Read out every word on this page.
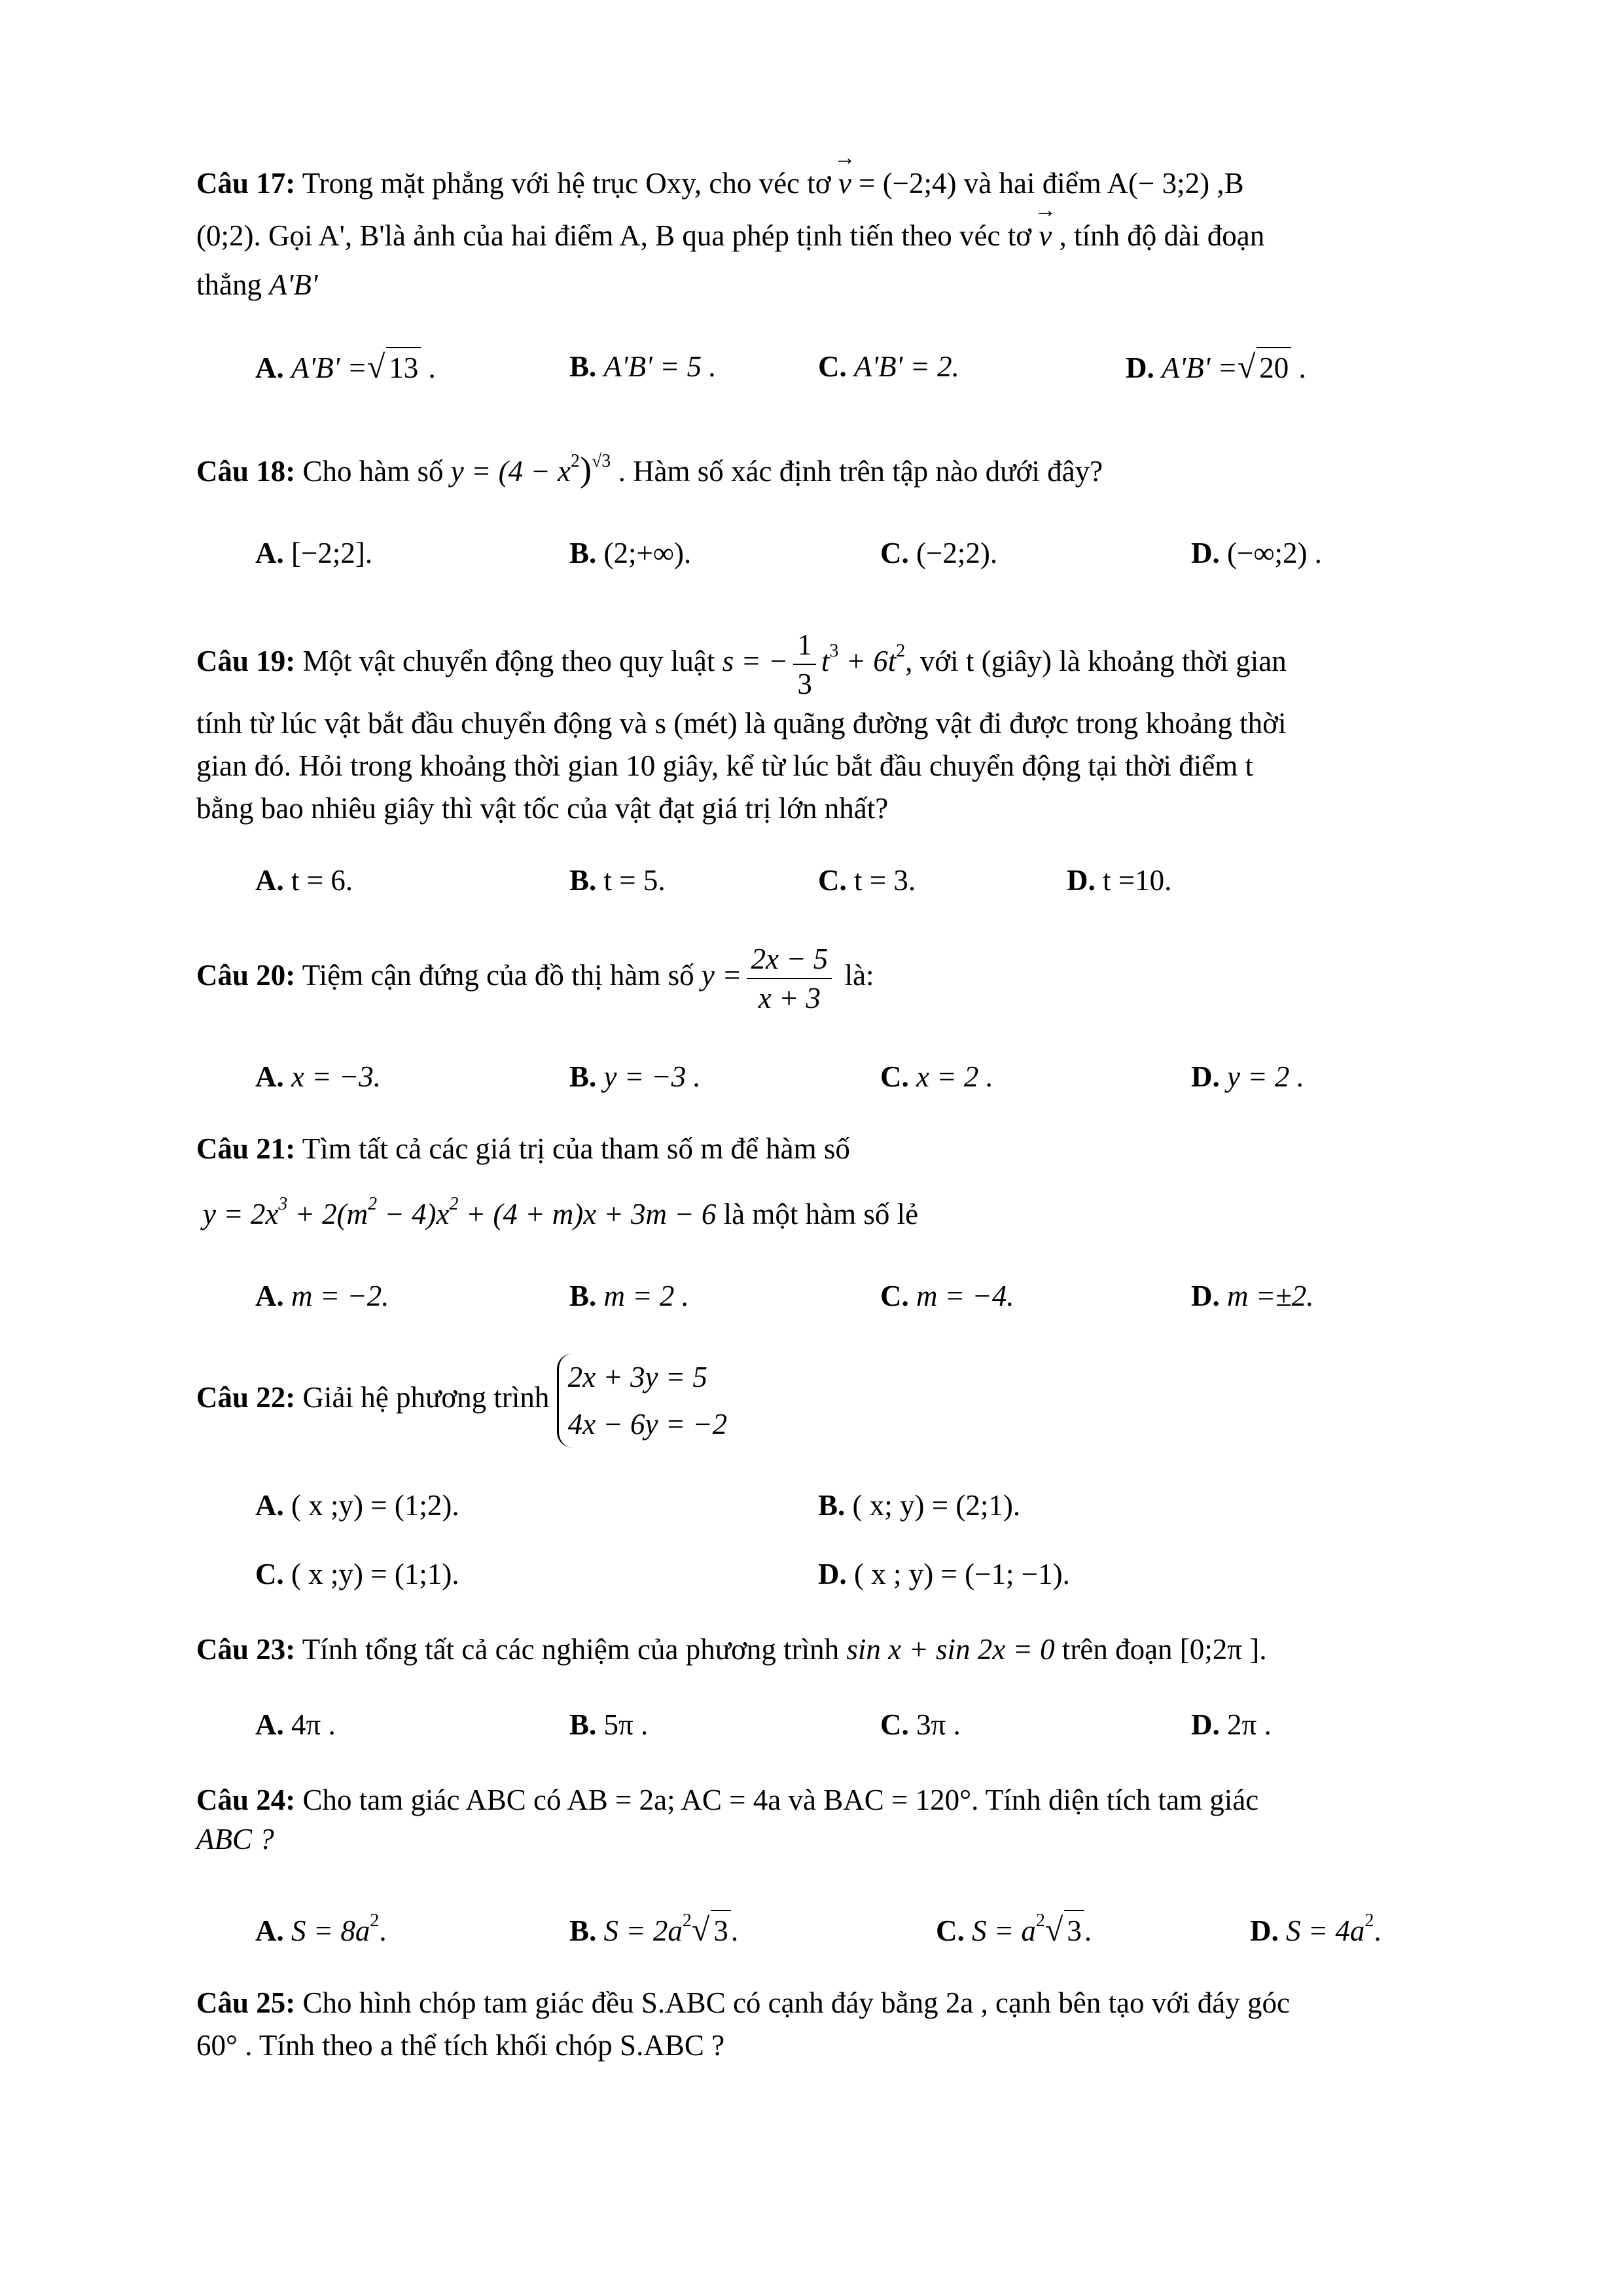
Câu 17: Trong mặt phẳng với hệ trục Oxy, cho véc tơ → v = (−2;4) và hai điểm A(− 3;2) ,B
(0;2). Gọi A', B'là ảnh của hai điểm A, B qua phép tịnh tiến theo véc tơ → v , tính độ dài đoạn
thẳng A'B'
A. A'B' =√ 13 .	B. A'B' = 5 .	C. A'B' = 2.	D. A'B' =√ 20 .
Câu 18: Cho hàm số $y = (4 - x^2)^{√3}$ . Hàm số xác định trên tập nào dưới đây?
A. [−2;2].	B. (2;+∞).	C. (−2;2).	D. (−∞;2) .
Câu 19: Một vật chuyển động theo quy luật s = − $\frac{1}{3} t^3 + 6t^2$, với t (giây) là khoảng thời gian
tính từ lúc vật bắt đầu chuyển động và s (mét) là quãng đường vật đi được trong khoảng thời
gian đó. Hỏi trong khoảng thời gian 10 giây, kể từ lúc bắt đầu chuyển động tại thời điểm t
bằng bao nhiêu giây thì vật tốc của vật đạt giá trị lớn nhất?
A. t = 6.	B. t = 5.	C. t = 3.	D. t =10.
Câu 20: Tiệm cận đứng của đồ thị hàm số $y = \frac{2x - 5}{x + 3}$ là:
A. x = −3.	B. y = −3 .	C. x = 2 .	D. y = 2 .
Câu 21: Tìm tất cả các giá trị của tham số m để hàm số
$y = 2x^3 + 2(m^2 - 4)x^2 + (4 + m)x + 3m - 6$ là một hàm số lẻ
A. m = −2.	B. m = 2 .	C. m = −4.	D. m =±2.
Câu 22: Giải hệ phương trình
2x + 3y = 5
4x − 6y = −2
A. ( x ;y) = (1;2).	B. ( x; y) = (2;1).
C. ( x ;y) = (1;1).	D. ( x ; y) = (−1; −1).
Câu 23: Tính tổng tất cả các nghiệm của phương trình sin x + sin 2x = 0 trên đoạn [0;2π ].
A. 4π .	B. 5π .	C. 3π .	D. 2π .
Câu 24: Cho tam giác ABC có AB = 2a; AC = 4a và BAC = 120°. Tính diện tích tam giác
ABC ?
A. $S = 8a^2$.	B. $S = 2a^2√$ 3.	C. $S = a^2√$ 3.	D. $S = 4a^2$.
Câu 25: Cho hình chóp tam giác đều S.ABC có cạnh đáy bằng 2a , cạnh bên tạo với đáy góc
60° . Tính theo a thể tích khối chóp S.ABC ?
